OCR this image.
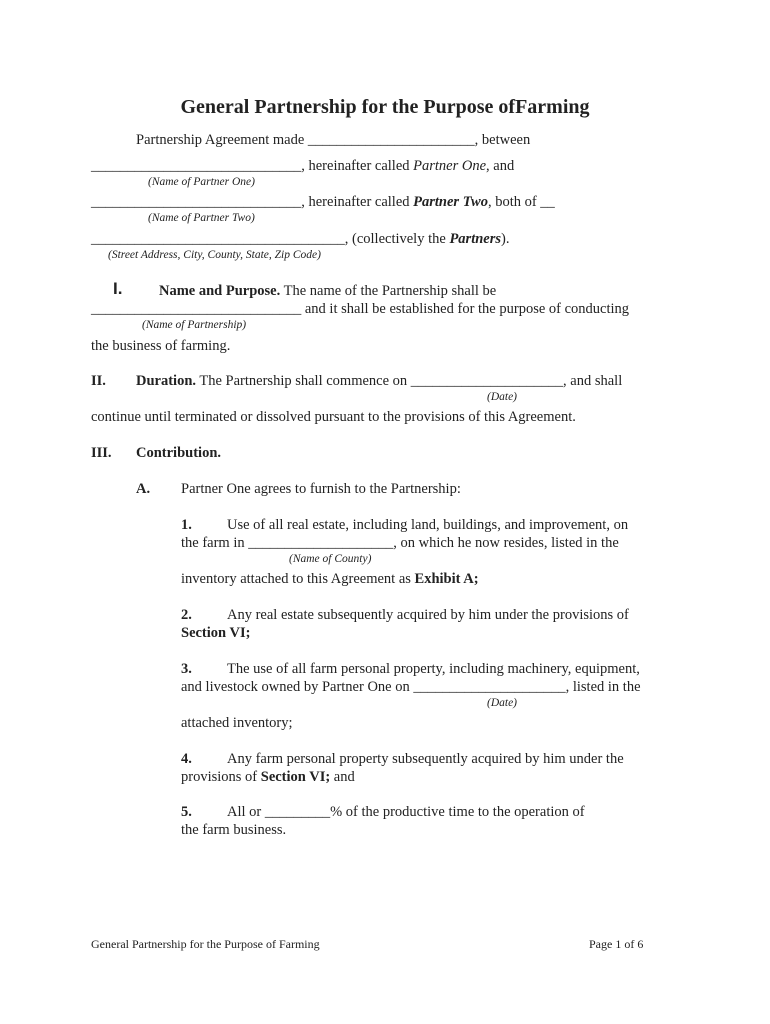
General Partnership for the Purpose ofFarming
Partnership Agreement made _______________________, between
_____________________________, hereinafter called Partner One, and
(Name of Partner One)
_____________________________, hereinafter called Partner Two, both of __
(Name of Partner Two)
___________________________________, (collectively the Partners).
(Street Address, City, County, State, Zip Code)
I.	Name and Purpose. The name of the Partnership shall be
_____________________________ and it shall be established for the purpose of conducting
(Name of Partnership)
the business of farming.
II. Duration. The Partnership shall commence on _____________________, and shall
(Date)
continue until terminated or dissolved pursuant to the provisions of this Agreement.
III. Contribution.
A. Partner One agrees to furnish to the Partnership:
1. Use of all real estate, including land, buildings, and improvement, on
the farm in ____________________, on which he now resides, listed in the
(Name of County)
inventory attached to this Agreement as Exhibit A;
2. Any real estate subsequently acquired by him under the provisions of
Section VI;
3. The use of all farm personal property, including machinery, equipment,
and livestock owned by Partner One on _____________________, listed in the
(Date)
attached inventory;
4. Any farm personal property subsequently acquired by him under the
provisions of Section VI; and
5. All or _________% of the productive time to the operation of
the farm business.
General Partnership for the Purpose of Farming	Page 1 of 6
